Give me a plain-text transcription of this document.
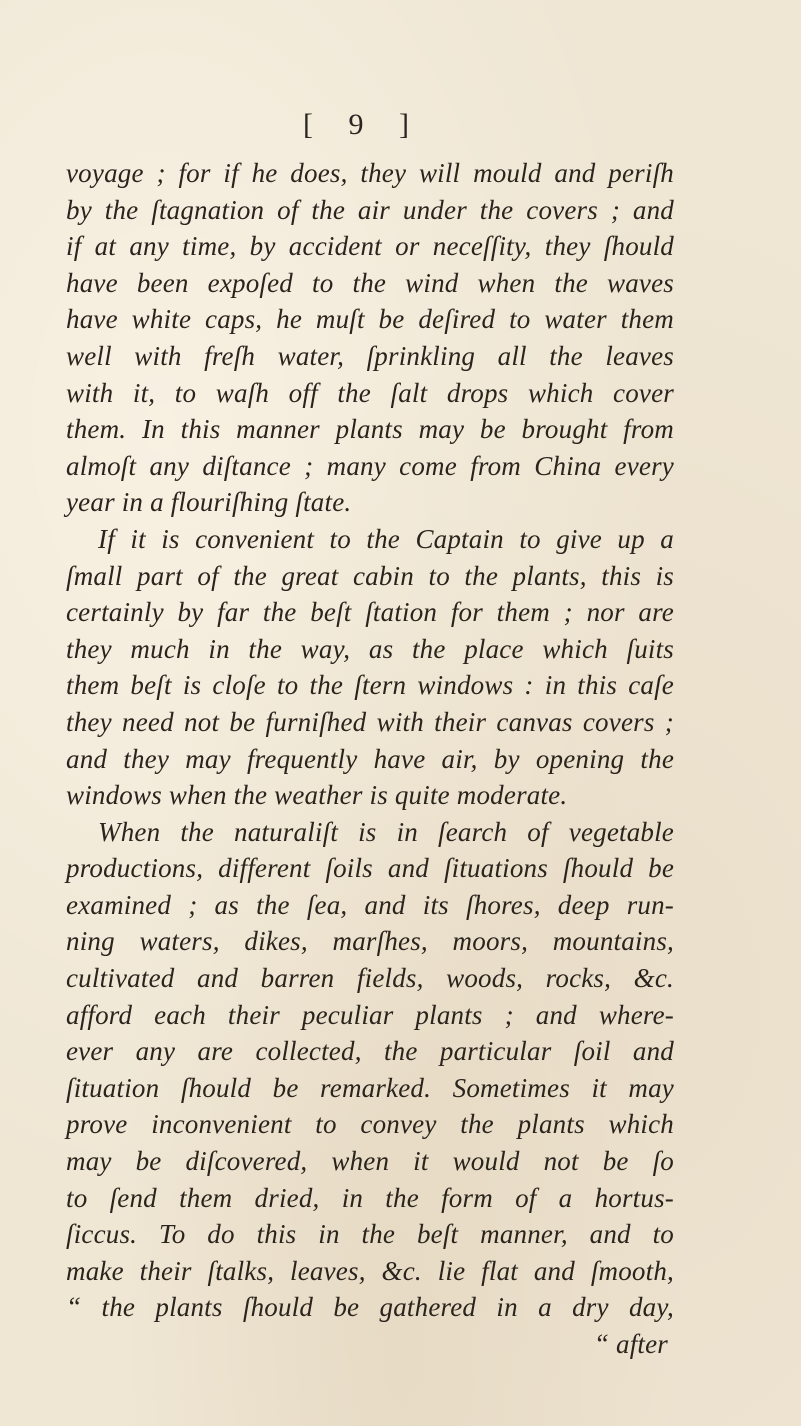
[ 9 ]
voyage ; for if he does, they will mould and periſh
by the ſtagnation of the air under the covers ; and
if at any time, by accident or neceſſity, they ſhould
have been expoſed to the wind when the waves
have white caps, he muſt be deſired to water them
well with freſh water, ſprinkling all the leaves
with it, to waſh off the ſalt drops which cover
them. In this manner plants may be brought from
almoſt any diſtance ; many come from China every
year in a flouriſhing ſtate.
If it is convenient to the Captain to give up a
ſmall part of the great cabin to the plants, this is
certainly by far the beſt ſtation for them ; nor are
they much in the way, as the place which ſuits
them beſt is cloſe to the ſtern windows : in this caſe
they need not be furniſhed with their canvas covers ;
and they may frequently have air, by opening the
windows when the weather is quite moderate.
When the naturaliſt is in ſearch of vegetable
productions, different ſoils and ſituations ſhould be
examined ; as the ſea, and its ſhores, deep run-
ning waters, dikes, marſhes, moors, mountains,
cultivated and barren fields, woods, rocks, &c.
afford each their peculiar plants ; and where-
ever any are collected, the particular ſoil and
ſituation ſhould be remarked. Sometimes it may
prove inconvenient to convey the plants which
may be diſcovered, when it would not be ſo
to ſend them dried, in the form of a hortus-
ſiccus. To do this in the beſt manner, and to
make their ſtalks, leaves, &c. lie flat and ſmooth,
“ the plants ſhould be gathered in a dry day,
“ after
